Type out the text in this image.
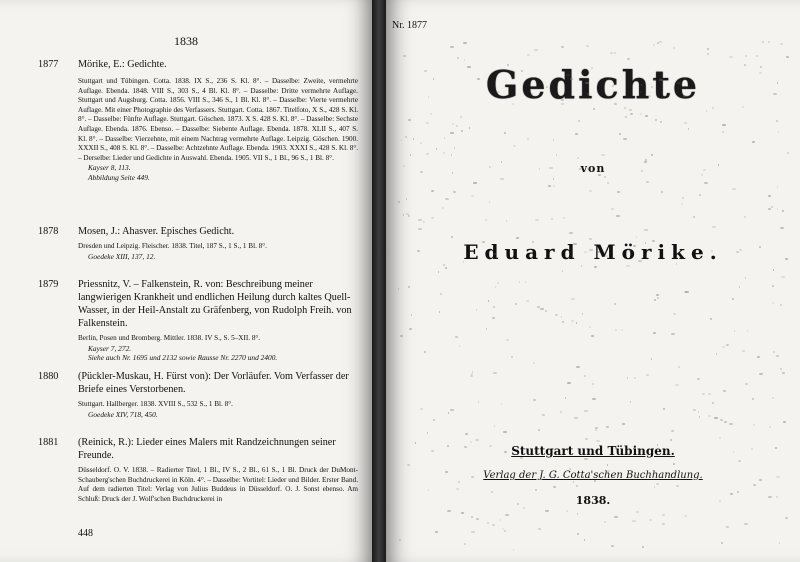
1838
1877	Mörike, E.: Gedichte.
Stuttgart und Tübingen. Cotta. 1838. IX S., 236 S. Kl. 8°. – Dasselbe: Zweite, vermehrte Auflage. Ebenda. 1848. VIII S., 303 S., 4 Bl. Kl. 8°. – Dasselbe: Dritte vermehrte Auflage. Stuttgart und Augsburg. Cotta. 1856. VIII S., 346 S., 1 Bl. Kl. 8°. – Dasselbe: Vierte vermehrte Auflage. Mit einer Photographie des Verfassers. Stuttgart. Cotta. 1867. Titelfoto, X S., 428 S. Kl. 8°. – Dasselbe: Fünfte Auflage. Stuttgart. Göschen. 1873. X S. 428 S. Kl. 8°. – Dasselbe: Sechste Auflage. Ebenda. 1876. Ebenso. – Dasselbe: Siebente Auflage. Ebenda. 1878. XLII S., 407 S. Kl. 8°. – Dasselbe: Vierzehnte, mit einem Nachtrag vermehrte Auflage. Leipzig. Göschen. 1900. XXXII S., 408 S. Kl. 8°. – Dasselbe: Achtzehnte Auflage. Ebenda. 1903. XXXI S., 428 S. Kl. 8°. – Derselbe: Lieder und Gedichte in Auswahl. Ebenda. 1905. VII S., 1 Bl., 96 S., 1 Bl. 8°.
Kayser 8, 113.
Abbildung Seite 449.
1878	Mosen, J.: Ahasver. Episches Gedicht.
Dresden und Leipzig. Fleischer. 1838. Titel, 187 S., 1 S., 1 Bl. 8°.
Goedeke XIII, 137, 12.
1879	Priessnitz, V. – Falkenstein, R. von: Beschreibung meiner langwierigen Krankheit und endlichen Heilung durch kaltes Quell-Wasser, in der Heil-Anstalt zu Gräfenberg, von Rudolph Freih. von Falkenstein.
Berlin, Posen und Bromberg. Mittler. 1838. IV S., S. 5–XII. 8°.
Kayser 7, 272.
Siehe auch Nr. 1695 und 2132 sowie Rausse Nr. 2270 und 2400.
1880	(Pückler-Muskau, H. Fürst von): Der Vorläufer. Vom Verfasser der Briefe eines Verstorbenen.
Stuttgart. Hallberger. 1838. XVIII S., 532 S., 1 Bl. 8°.
Goedeke XIV, 718, 450.
1881	(Reinick, R.): Lieder eines Malers mit Randzeichnungen seiner Freunde.
Düsseldorf. O. V. 1838. – Radierter Titel, 1 Bl., IV S., 2 Bl., 61 S., 1 Bl. Druck der DuMont-Schauberg'schen Buchdruckerei in Köln. 4°. – Dasselbe: Vortitel: Lieder und Bilder. Erster Band. Auf dem radierten Titel: Verlag von Julius Buddeus in Düsseldorf. O. J. Sonst ebenso. Am Schluß: Druck der J. Wolf'schen Buchdruckerei in
448
Nr. 1877
Gedichte
von
Eduard Mörike.
Stuttgart und Tübingen.
Verlag der J. G. Cotta'schen Buchhandlung.
1838.
